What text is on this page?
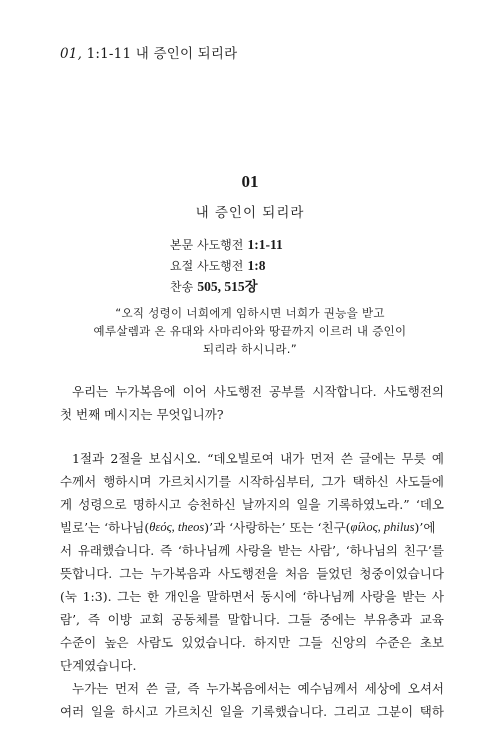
01, 1:1-11 내 증인이 되리라
01
내 증인이 되리라
본문 사도행전 1:1-11
요절 사도행전 1:8
찬송 505, 515장
“오직 성령이 너희에게 임하시면 너희가 권능을 받고
예루살렘과 온 유대와 사마리아와 땅끝까지 이르러 내 증인이
되리라 하시니라.”
우리는 누가복음에 이어 사도행전 공부를 시작합니다. 사도행전의
첫 번째 메시지는 무엇입니까?
1절과 2절을 보십시오. “데오빌로여 내가 먼저 쓴 글에는 무릇 예
수께서 행하시며 가르치시기를 시작하심부터, 그가 택하신 사도들에
게 성령으로 명하시고 승천하신 날까지의 일을 기록하였노라.” ‘데오
빌로’는 ‘하나님( θεός, theos )’과 ‘사랑하는’ 또는 ‘친구( φίλος, philus )’에
서 유래했습니다. 즉 ‘하나님께 사랑을 받는 사람’, ‘하나님의 친구’를
뜻합니다. 그는 누가복음과 사도행전을 처음 들었던 청중이었습니다
(눅 1:3). 그는 한 개인을 말하면서 동시에 ‘하나님께 사랑을 받는 사
람’, 즉 이방 교회 공동체를 말합니다. 그들 중에는 부유층과 교육
수준이 높은 사람도 있었습니다. 하지만 그들 신앙의 수준은 초보
단계였습니다.
누가는 먼저 쓴 글, 즉 누가복음에서는 예수님께서 세상에 오셔서
여러 일을 하시고 가르치신 일을 기록했습니다. 그리고 그분이 택하
